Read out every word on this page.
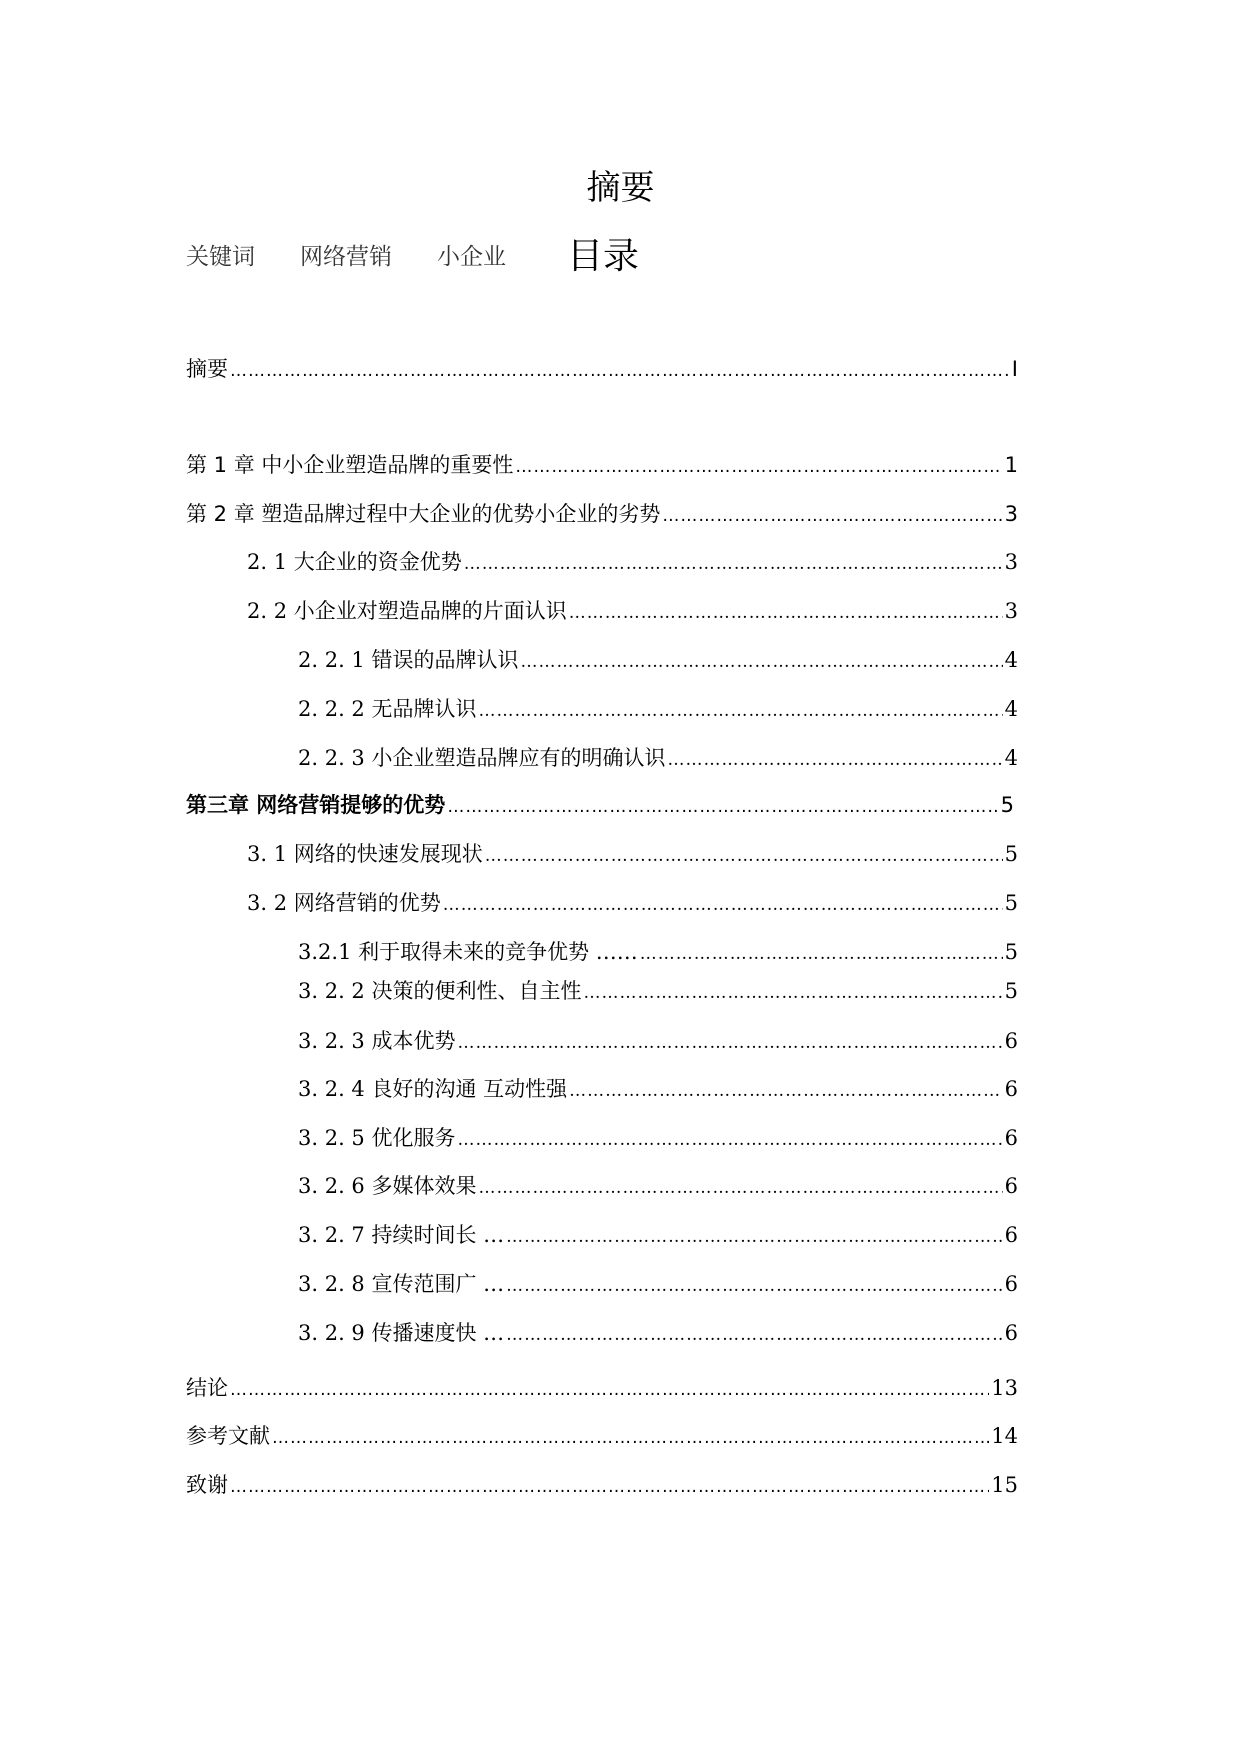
摘要
关键词 网络营销 小企业 目录
摘要 …………………………………………………………………………………………………………………………………………………………………	I
第 1 章 中小企业塑造品牌的重要性 …………………………………………………………………………………………………………………………………………………………………	1
第 2 章 塑造品牌过程中大企业的优势小企业的劣势 …………………………………………………………………………………………………………………………………………………………………	3
2. 1 大企业的资金优势 …………………………………………………………………………………………………………………………………………………………………	3
2. 2 小企业对塑造品牌的片面认识 …………………………………………………………………………………………………………………………………………………………………	3
2. 2. 1 错误的品牌认识 …………………………………………………………………………………………………………………………………………………………………	4
2. 2. 2 无品牌认识 …………………………………………………………………………………………………………………………………………………………………	4
2. 2. 3 小企业塑造品牌应有的明确认识 …………………………………………………………………………………………………………………………………………………………………	4
第三章 网络营销提够的优势 …………………………………………………………………………………………………………………………………………………………………	5
3. 1 网络的快速发展现状 …………………………………………………………………………………………………………………………………………………………………	5
3. 2 网络营销的优势 …………………………………………………………………………………………………………………………………………………………………	5
3.2.1 利于取得未来的竞争优势 …… …………………………………………………………………………………………………………………………………………………………………	5
3. 2. 2 决策的便利性、自主性 …………………………………………………………………………………………………………………………………………………………………	5
3. 2. 3 成本优势 …………………………………………………………………………………………………………………………………………………………………	6
3. 2. 4 良好的沟通 互动性强 …………………………………………………………………………………………………………………………………………………………………	6
3. 2. 5 优化服务 …………………………………………………………………………………………………………………………………………………………………	6
3. 2. 6 多媒体效果 …………………………………………………………………………………………………………………………………………………………………	6
3. 2. 7 持续时间长 … …………………………………………………………………………………………………………………………………………………………………	6
3. 2. 8 宣传范围广 … …………………………………………………………………………………………………………………………………………………………………	6
3. 2. 9 传播速度快 … …………………………………………………………………………………………………………………………………………………………………	6
结论 …………………………………………………………………………………………………………………………………………………………………	13
参考文献 …………………………………………………………………………………………………………………………………………………………………	14
致谢 …………………………………………………………………………………………………………………………………………………………………	15
